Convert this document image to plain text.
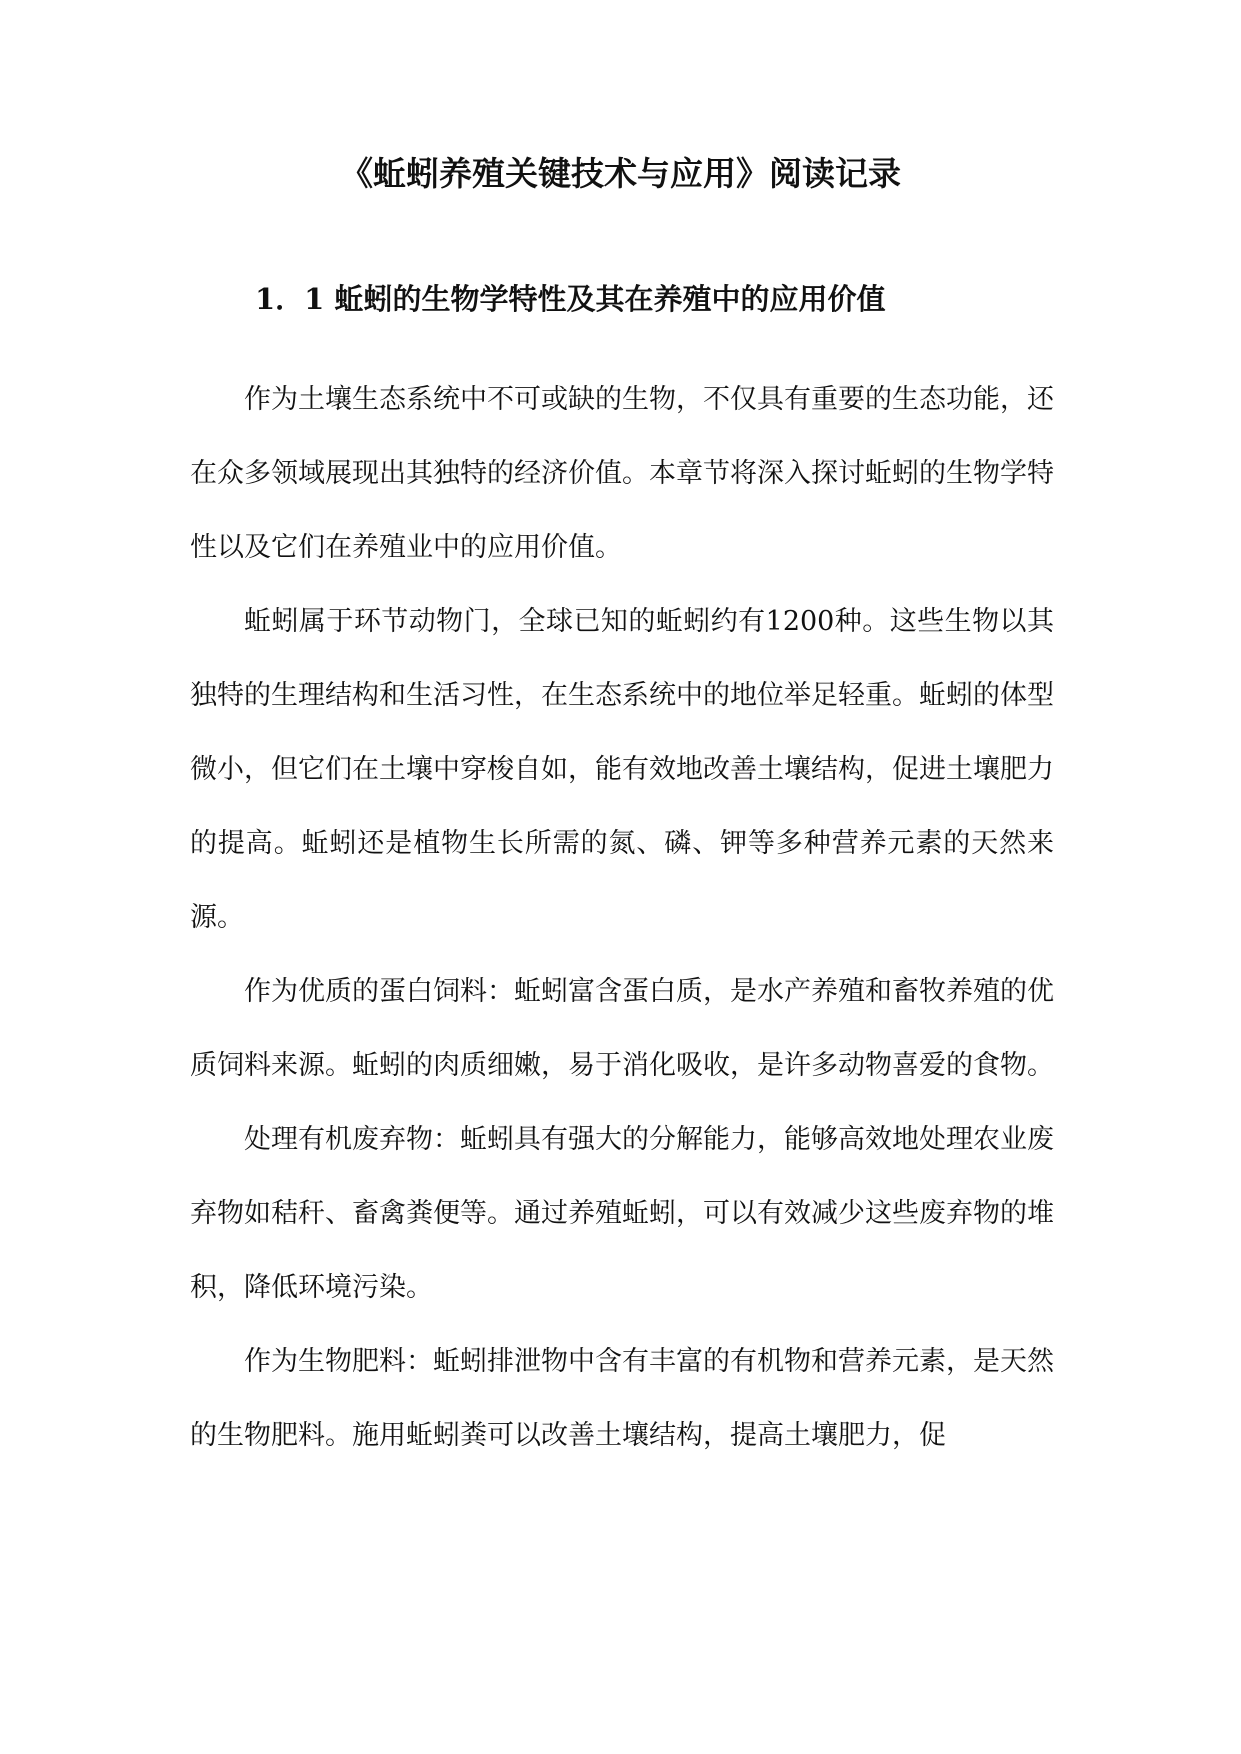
《蚯蚓养殖关键技术与应用》阅读记录
1．1 蚯蚓的生物学特性及其在养殖中的应用价值

作为土壤生态系统中不可或缺的生物，不仅具有重要的生态功能，还在众多领域展现出其独特的经济价值。本章节将深入探讨蚯蚓的生物学特性以及它们在养殖业中的应用价值。

蚯蚓属于环节动物门，全球已知的蚯蚓约有1200种。这些生物以其独特的生理结构和生活习性，在生态系统中的地位举足轻重。蚯蚓的体型微小，但它们在土壤中穿梭自如，能有效地改善土壤结构，促进土壤肥力的提高。蚯蚓还是植物生长所需的氮、磷、钾等多种营养元素的天然来源。

作为优质的蛋白饲料：蚯蚓富含蛋白质，是水产养殖和畜牧养殖的优质饲料来源。蚯蚓的肉质细嫩，易于消化吸收，是许多动物喜爱的食物。

处理有机废弃物：蚯蚓具有强大的分解能力，能够高效地处理农业废弃物如秸秆、畜禽粪便等。通过养殖蚯蚓，可以有效减少这些废弃物的堆积，降低环境污染。

作为生物肥料：蚯蚓排泄物中含有丰富的有机物和营养元素，是天然的生物肥料。施用蚯蚓粪可以改善土壤结构，提高土壤肥力，促
